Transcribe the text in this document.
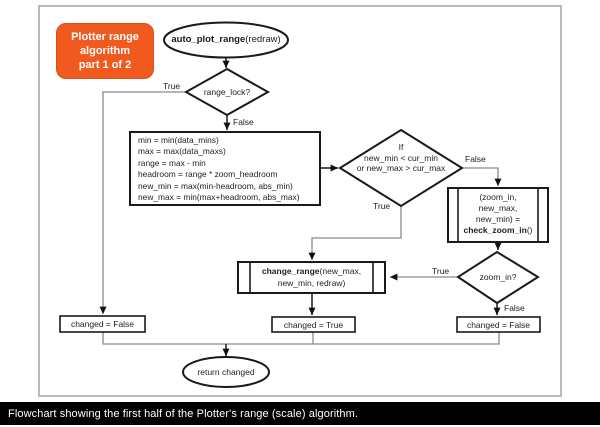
Plotter range
algorithm
part 1 of 2
auto_plot_range(redraw)
range_lock?
min = min(data_mins)
max = max(data_maxs)
range = max - min
headroom = range * zoom_headroom
new_min = max(min-headroom, abs_min)
new_max = min(max+headroom, abs_max)
If
new_min < cur_min
or new_max > cur_max
(zoom_in,
new_max,
new_min) =
check_zoom_in()
change_range(new_max,
new_min, redraw)
zoom_in?
changed = False	changed = True	changed = False
return changed
True
False
False
True
True
False
Flowchart showing the first half of the Plotter's range (scale) algorithm.
